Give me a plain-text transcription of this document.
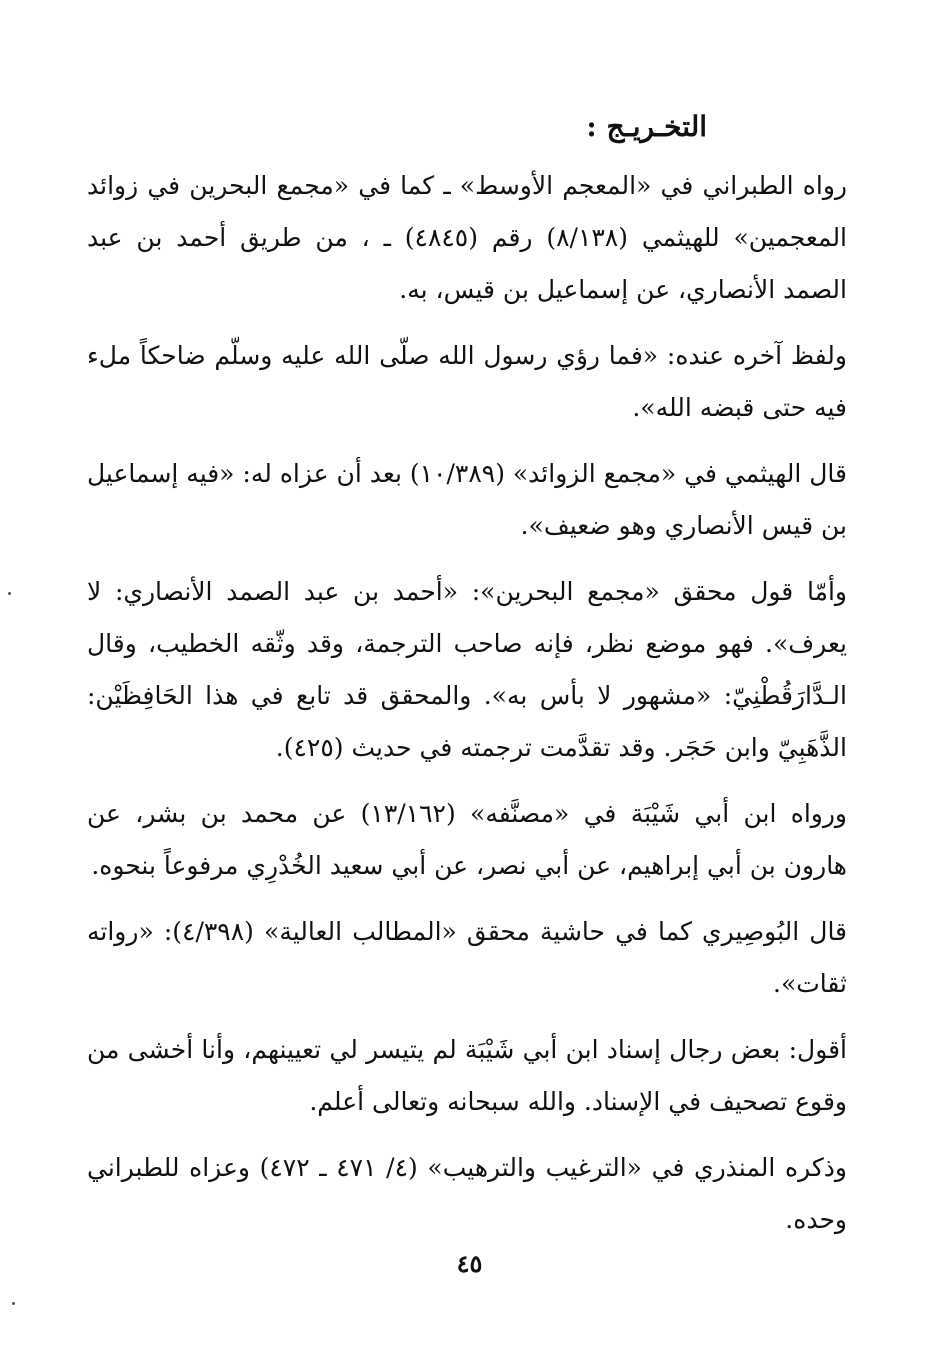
التخـريـج :

رواه الطبراني في «المعجم الأوسط» ـ كما في «مجمع البحرين في زوائد المعجمين» للهيثمي (٨/١٣٨) رقم (٤٨٤٥) ـ ، من طريق أحمد بن عبد الصمد الأنصاري، عن إسماعيل بن قيس، به.

ولفظ آخره عنده: «فما رؤي رسول الله صلّى الله عليه وسلّم ضاحكاً ملء فيه حتى قبضه الله».

قال الهيثمي في «مجمع الزوائد» (١٠/٣٨٩) بعد أن عزاه له: «فيه إسماعيل بن قيس الأنصاري وهو ضعيف».

وأمّا قول محقق «مجمع البحرين»: «أحمد بن عبد الصمد الأنصاري: لا يعرف». فهو موضع نظر، فإنه صاحب الترجمة، وقد وثّقه الخطيب، وقال الـدَّارَقُطْنِيّ: «مشهور لا بأس به». والمحقق قد تابع في هذا الحَافِظَيْن: الذَّهَبِيّ وابن حَجَر. وقد تقدَّمت ترجمته في حديث (٤٢٥).

ورواه ابن أبي شَيْبَة في «مصنَّفه» (١٣/١٦٢) عن محمد بن بشر، عن هارون بن أبي إبراهيم، عن أبي نصر، عن أبي سعيد الخُدْرِي مرفوعاً بنحوه.

قال البُوصِيري كما في حاشية محقق «المطالب العالية» (٤/٣٩٨): «رواته ثقات».

أقول: بعض رجال إسناد ابن أبي شَيْبَة لم يتيسر لي تعيينهم، وأنا أخشى من وقوع تصحيف في الإسناد. والله سبحانه وتعالى أعلم.

وذكره المنذري في «الترغيب والترهيب» (٤/ ٤٧١ ـ ٤٧٢) وعزاه للطبراني وحده.

٤٥
